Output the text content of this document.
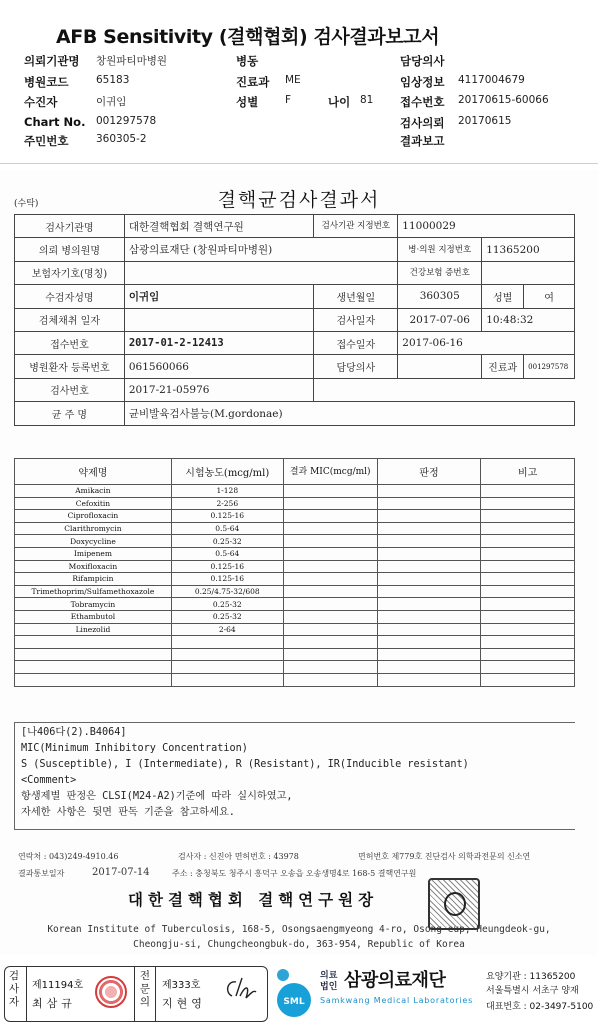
AFB Sensitivity (결핵협회) 검사결과보고서
의뢰기관명 창원파티마병원	병동	담당의사
병원코드	65183	진료과 ME	임상정보 4117004679
수진자	이귀임	성별	F	나이 81 접수번호 20170615-60066
Chart No. 001297578	검사의뢰 20170615
주민번호	360305-2	결과보고
(수탁)	결핵균검사결과서
검사기관명	대한결핵협회 결핵연구원	검사기관 지정번호	11000029		
의뢰 병의원명	삼광의료재단 (창원파티마병원)		병·의원 지정번호	11365200	
보험자기호(명칭)			건강보험 증번호		
수검자성명	이귀임	생년월일	360305	성별	여
검체채취 일자		검사일자	2017-07-06	10:48:32	
접수번호	2017-01-2-12413	접수일자	2017-06-16		
병원환자 등록번호	061560066	담당의사		진료과	001297578
검사번호	2017-21-05976				
균 주 명	균비발육검사불능(M.gordonae)				
약제명	시험농도(mcg/ml)	결과 MIC(mcg/ml)	판정	비고
Amikacin	1-128			
Cefoxitin	2-256			
Ciprofloxacin	0.125-16			
Clarithromycin	0.5-64			
Doxycycline	0.25-32			
Imipenem	0.5-64			
Moxifloxacin	0.125-16			
Rifampicin	0.125-16			
Trimethoprim/Sulfamethoxazole	0.25/4.75-32/608			
Tobramycin	0.25-32			
Ethambutol	0.25-32			
Linezolid	2-64			

[나406다(2).B4064]
MIC(Minimum Inhibitory Concentration)
S (Susceptible), I (Intermediate), R (Resistant), IR(Inducible resistant)
<Comment>
항생제별 판정은 CLSI(M24-A2)기준에 따라 실시하였고,
자세한 사항은 뒷면 판독 기준을 참고하세요.
연락처 : 043)249-4910.46	검사자 : 신진아 면허번호 : 43978	면허번호 제779호 진단검사 의학과전문의 신소연
결과통보일자	2017-07-14	주소 : 충청북도 청주시 흥덕구 오송읍 오송생명4로 168-5 결핵연구원
대한결핵협회 결핵연구원장
Korean Institute of Tuberculosis, 168-5, Osongsaengmyeong 4-ro, Osong-eup, Heungdeok-gu,
Cheongju-si, Chungcheongbuk-do, 363-954, Republic of Korea
검사자
제11194호
최삼규
전문의
제333호
지현영	SML
의료법인 삼광의료재단
Samkwang Medical Laboratories
요양기관 : 11365200
서울특별시 서초구 양재
대표번호 : 02-3497-5100
